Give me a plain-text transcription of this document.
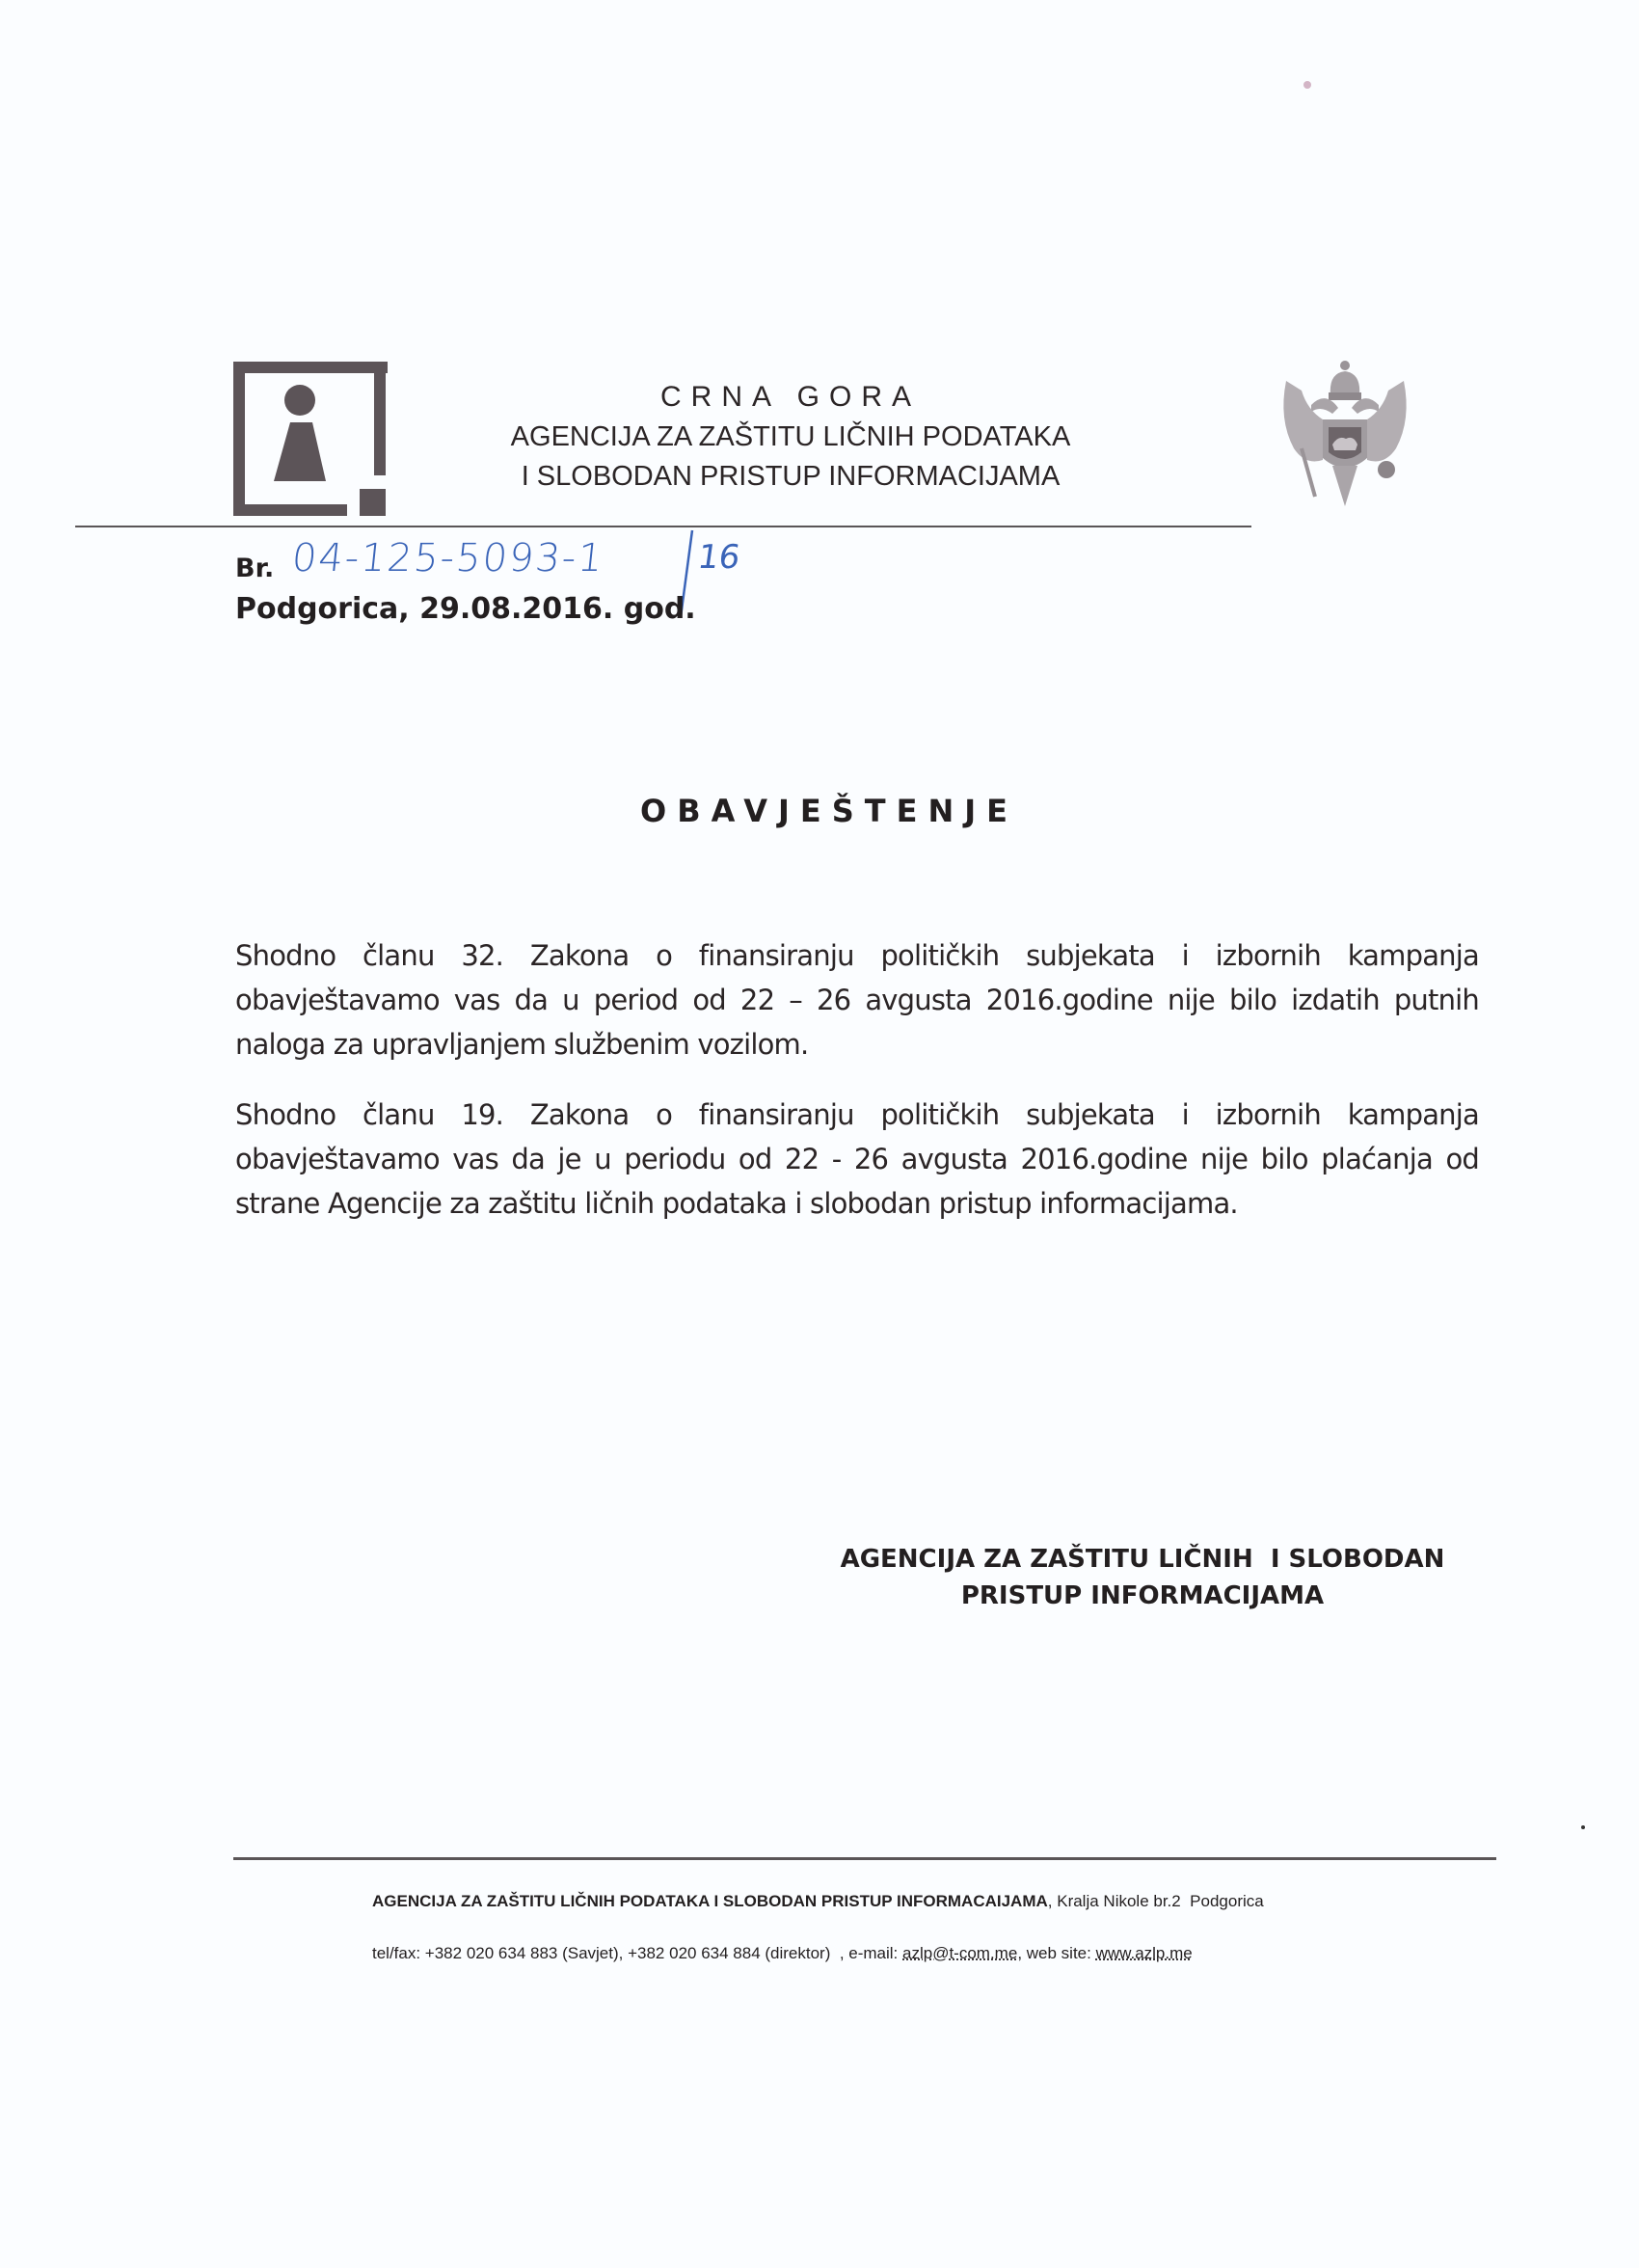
CRNA GORA
AGENCIJA ZA ZAŠTITU LIČNIH PODATAKA
I SLOBODAN PRISTUP INFORMACIJAMA
Br. 04-125-5093-1	16
Podgorica, 29.08.2016. god.
OBAVJEŠTENJE
Shodno članu 32. Zakona o finansiranju političkih subjekata i izbornih kampanja obavještavamo vas da u period od 22 – 26 avgusta 2016.godine nije bilo izdatih putnih naloga za upravljanjem službenim vozilom.
Shodno članu 19. Zakona o finansiranju političkih subjekata i izbornih kampanja obavještavamo vas da je u periodu od 22 - 26 avgusta 2016.godine nije bilo plaćanja od strane Agencije za zaštitu ličnih podataka i slobodan pristup informacijama.
AGENCIJA ZA ZAŠTITU LIČNIH  I SLOBODAN
PRISTUP INFORMACIJAMA
AGENCIJA ZA ZAŠTITU LIČNIH PODATAKA I SLOBODAN PRISTUP INFORMACAIJAMA, Kralja Nikole br.2  Podgorica
tel/fax: +382 020 634 883 (Savjet), +382 020 634 884 (direktor)  , e-mail: azlp@t-com.me, web site: www.azlp.me
